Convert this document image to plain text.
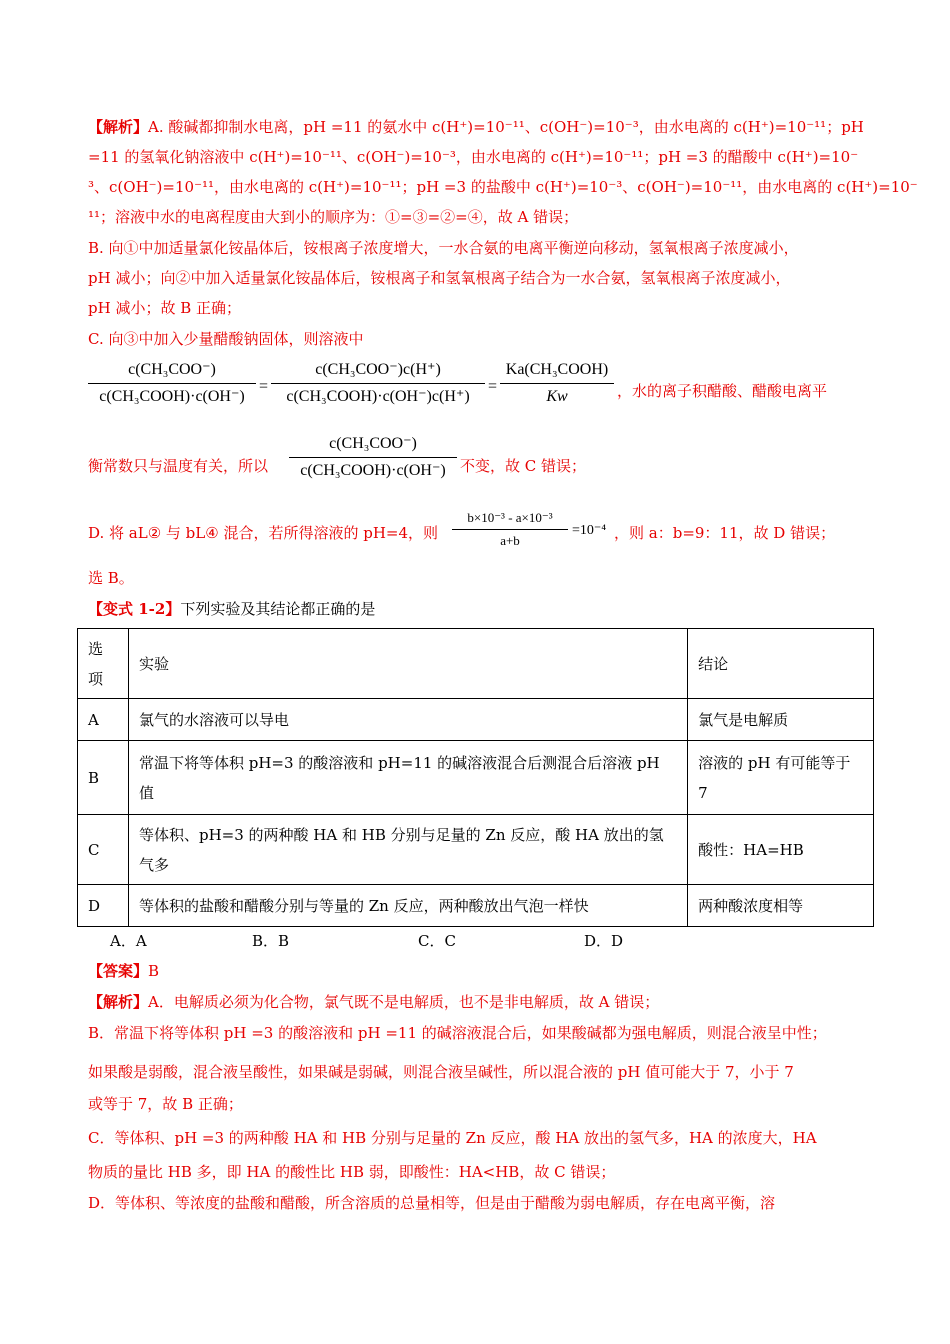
【解析】A. 酸碱都抑制水电离，pH =11 的氨水中 c(H⁺)=10⁻¹¹、c(OH⁻)=10⁻³，由水电离的 c(H⁺)=10⁻¹¹；pH
=11 的氢氧化钠溶液中 c(H⁺)=10⁻¹¹、c(OH⁻)=10⁻³，由水电离的 c(H⁺)=10⁻¹¹；pH =3 的醋酸中 c(H⁺)=10⁻
³、c(OH⁻)=10⁻¹¹，由水电离的 c(H⁺)=10⁻¹¹；pH =3 的盐酸中 c(H⁺)=10⁻³、c(OH⁻)=10⁻¹¹，由水电离的 c(H⁺)=10⁻
¹¹；溶液中水的电离程度由大到小的顺序为：①=③=②=④，故 A 错误；
B. 向①中加适量氯化铵晶体后，铵根离子浓度增大，一水合氨的电离平衡逆向移动，氢氧根离子浓度减小，
pH 减小；向②中加入适量氯化铵晶体后，铵根离子和氢氧根离子结合为一水合氨，氢氧根离子浓度减小，
pH 减小；故 B 正确；
C. 向③中加入少量醋酸钠固体，则溶液中
c(CH₃COO⁻)
c(CH₃COOH)·c(OH⁻)
=
c(CH₃COO⁻)c(H⁺)
c(CH₃COOH)·c(OH⁻)c(H⁺)
=
Ka(CH₃COOH)
Kw	，水的离子积醋酸、醋酸电离平
衡常数只与温度有关，所以
c(CH₃COO⁻)
c(CH₃COOH)·c(OH⁻) 不变，故 C 错误；
D. 将 aL② 与 bL④ 混合，若所得溶液的 pH=4，则
b×10⁻³ - a×10⁻³
a+b
=10⁻⁴ ，则 a：b=9：11，故 D 错误；
选 B。
【变式 1-2】下列实验及其结论都正确的是
选项	实验	结论
A	氯气的水溶液可以导电	氯气是电解质
B	常温下将等体积 pH=3 的酸溶液和 pH=11 的碱溶液混合后测混合后溶液 pH 值	溶液的 pH 有可能等于 7
C	等体积、pH=3 的两种酸 HA 和 HB 分别与足量的 Zn 反应，酸 HA 放出的氢气多	酸性：HA=HB
D	等体积的盐酸和醋酸分别与等量的 Zn 反应，两种酸放出气泡一样快	两种酸浓度相等
A．A	B．B	C．C	D．D
【答案】B
【解析】A．电解质必须为化合物，氯气既不是电解质，也不是非电解质，故 A 错误；
B．常温下将等体积 pH =3 的酸溶液和 pH =11 的碱溶液混合后，如果酸碱都为强电解质，则混合液呈中性；
如果酸是弱酸，混合液呈酸性，如果碱是弱碱，则混合液呈碱性，所以混合液的 pH 值可能大于 7，小于 7
或等于 7，故 B 正确；
C．等体积、pH =3 的两种酸 HA 和 HB 分别与足量的 Zn 反应，酸 HA 放出的氢气多，HA 的浓度大，HA
物质的量比 HB 多，即 HA 的酸性比 HB 弱，即酸性：HA<HB，故 C 错误；
D．等体积、等浓度的盐酸和醋酸，所含溶质的总量相等，但是由于醋酸为弱电解质，存在电离平衡，溶
